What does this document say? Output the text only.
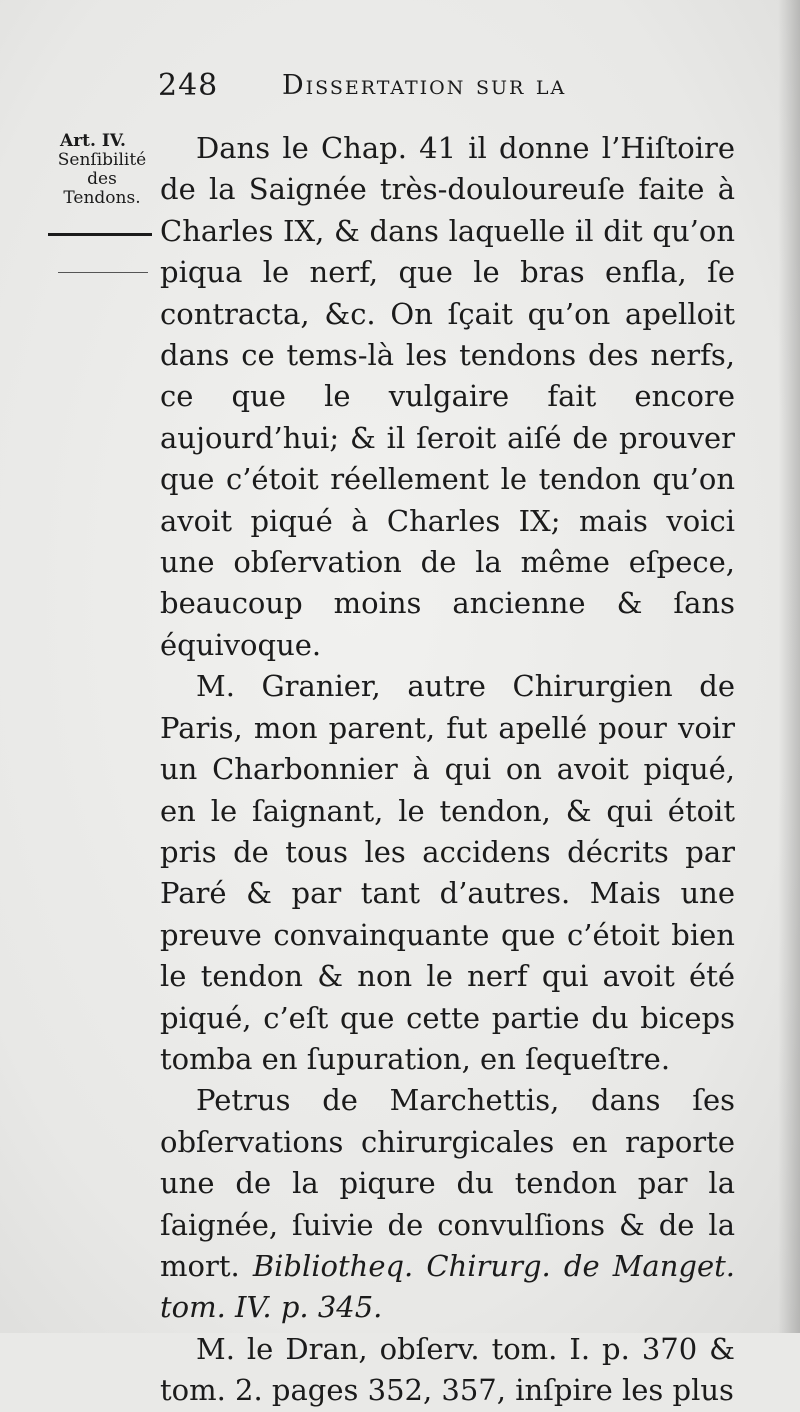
248 Dissertation sur la
Art. IV.
Senſibilité
des
Tendons.

Dans le Chap. 41 il donne l’Hiſtoire de la Saignée très-douloureuſe faite à Charles IX, & dans laquelle il dit qu’on piqua le nerf, que le bras enfla, ſe contracta, &c. On ſçait qu’on apelloit dans ce tems-là les tendons des nerfs, ce que le vulgaire fait encore aujourd’hui; & il ſeroit aiſé de prouver que c’étoit réellement le tendon qu’on avoit piqué à Charles IX; mais voici une obſervation de la même eſpece, beaucoup moins ancienne & ſans équivoque.

M. Granier, autre Chirurgien de Paris, mon parent, fut apellé pour voir un Charbonnier à qui on avoit piqué, en le ſaignant, le tendon, & qui étoit pris de tous les accidens décrits par Paré & par tant d’autres. Mais une preuve convainquante que c’étoit bien le tendon & non le nerf qui avoit été piqué, c’eſt que cette partie du biceps tomba en ſupuration, en ſequeſtre.

Petrus de Marchettis, dans ſes obſervations chirurgicales en raporte une de la piqure du tendon par la ſaignée, ſuivie de convulſions & de la mort. Bibliotheq. Chirurg. de Manget. tom. IV. p. 345.

M. le Dran, obſerv. tom. I. p. 370 & tom. 2. pages 352, 357, inſpire les plus
